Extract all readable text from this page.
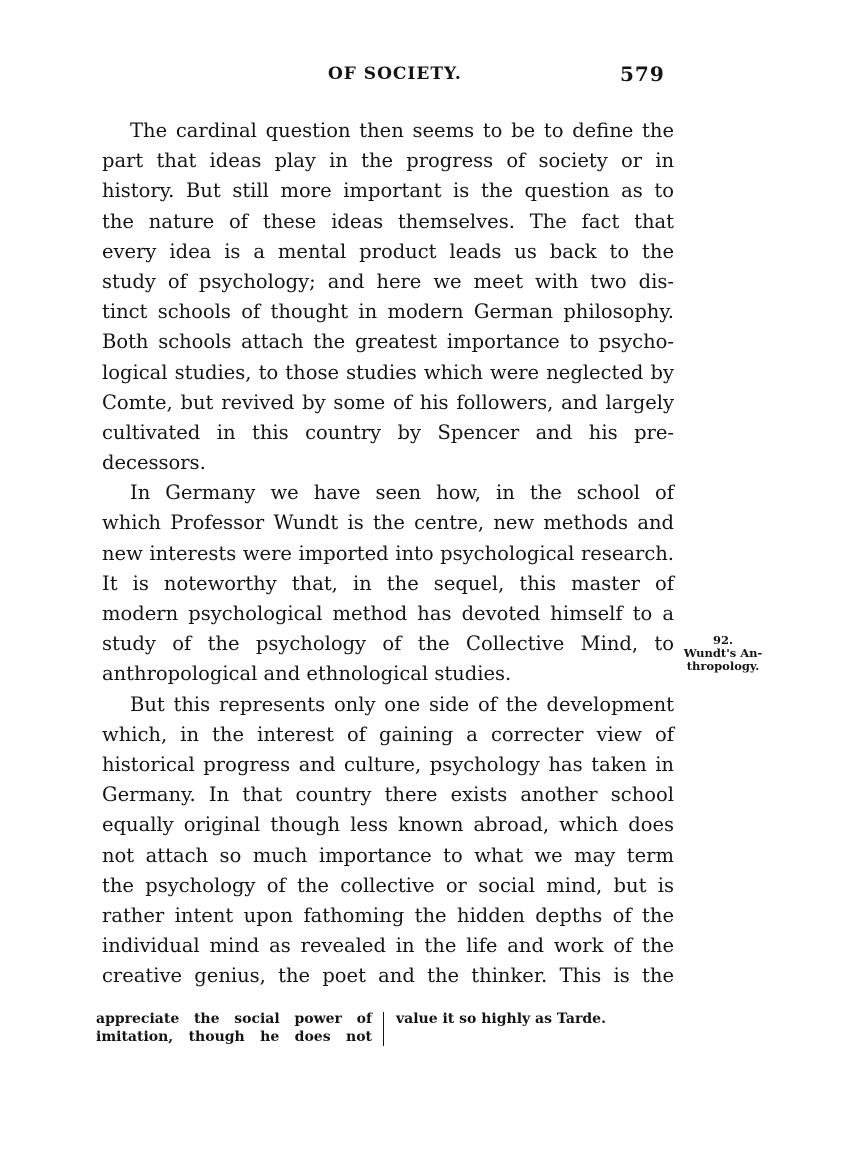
OF SOCIETY.	579
The cardinal question then seems to be to define the
part that ideas play in the progress of society or in
history. But still more important is the question as to
the nature of these ideas themselves. The fact that
every idea is a mental product leads us back to the
study of psychology; and here we meet with two dis-
tinct schools of thought in modern German philosophy.
Both schools attach the greatest importance to psycho-
logical studies, to those studies which were neglected by
Comte, but revived by some of his followers, and largely
cultivated in this country by Spencer and his pre-
decessors.
In Germany we have seen how, in the school of
which Professor Wundt is the centre, new methods and
new interests were imported into psychological research.
It is noteworthy that, in the sequel, this master of
modern psychological method has devoted himself to a
study of the psychology of the Collective Mind, to
anthropological and ethnological studies.
But this represents only one side of the development
which, in the interest of gaining a correcter view of
historical progress and culture, psychology has taken in
Germany. In that country there exists another school
equally original though less known abroad, which does
not attach so much importance to what we may term
the psychology of the collective or social mind, but is
rather intent upon fathoming the hidden depths of the
individual mind as revealed in the life and work of the
creative genius, the poet and the thinker. This is the
92.
Wundt's An-
thropology.
appreciate the social power of
imitation, though he does not
value it so highly as Tarde.
